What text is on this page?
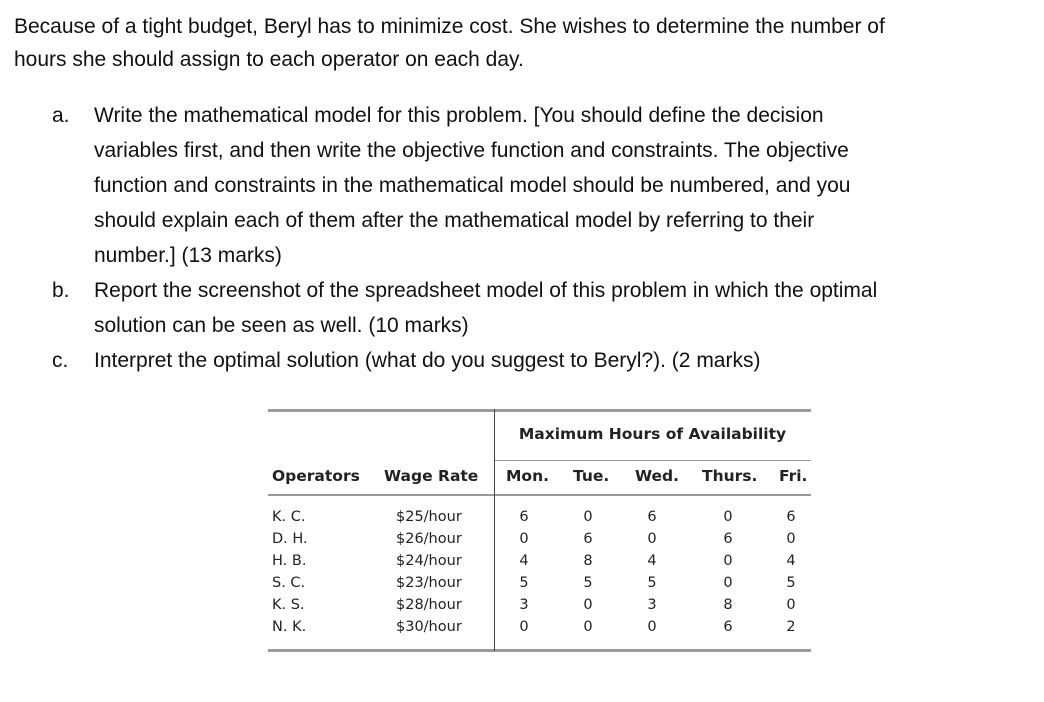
Because of a tight budget, Beryl has to minimize cost. She wishes to determine the number of
hours she should assign to each operator on each day.
a.	Write the mathematical model for this problem. [You should define the decision
variables first, and then write the objective function and constraints. The objective
function and constraints in the mathematical model should be numbered, and you
should explain each of them after the mathematical model by referring to their
number.] (13 marks)
b.	Report the screenshot of the spreadsheet model of this problem in which the optimal
solution can be seen as well. (10 marks)
c.	Interpret the optimal solution (what do you suggest to Beryl?). (2 marks)
Maximum Hours of Availability
Operators Wage Rate Mon. Tue. Wed. Thurs. Fri.
K. C.	$25/hour	6	0	6	0	6
D. H.	$26/hour	0	6	0	6	0
H. B.	$24/hour	4	8	4	0	4
S. C.	$23/hour	5	5	5	0	5
K. S.	$28/hour	3	0	3	8	0
N. K.	$30/hour	0	0	0	6	2
